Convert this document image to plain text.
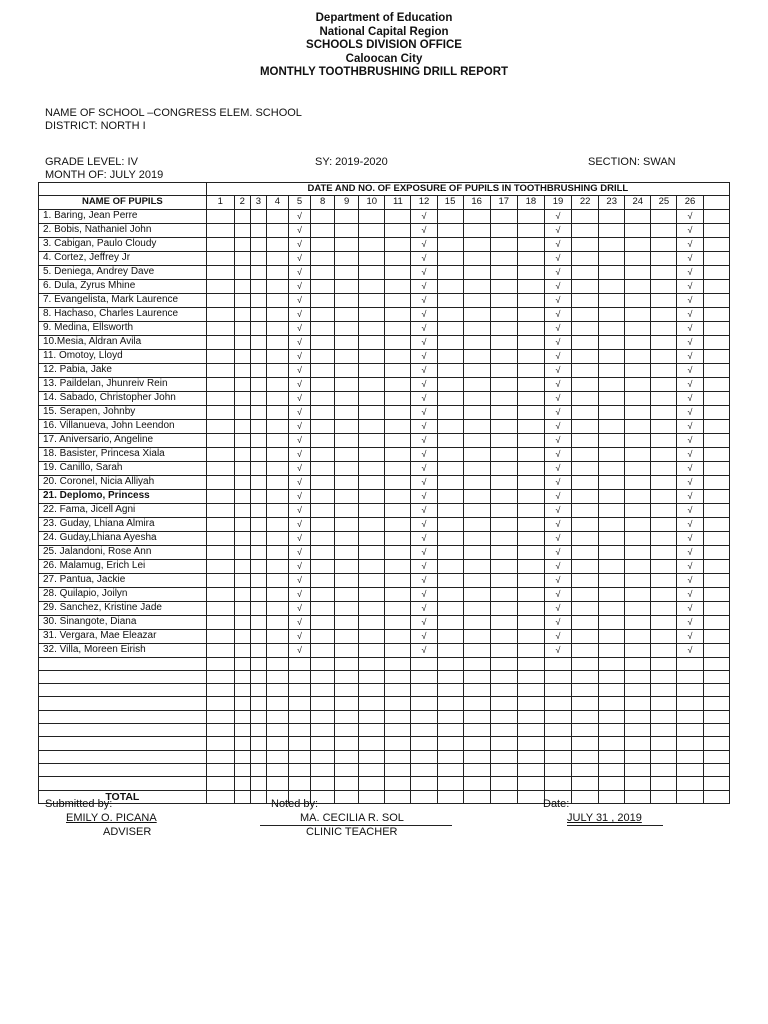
Department of Education
National Capital Region
SCHOOLS DIVISION OFFICE
Caloocan City
MONTHLY TOOTHBRUSHING DRILL REPORT
NAME OF SCHOOL –CONGRESS ELEM. SCHOOL
DISTRICT: NORTH I
GRADE LEVEL: IV	SY: 2019-2020	SECTION: SWAN
MONTH OF: JULY 2019
	DATE AND NO. OF EXPOSURE OF PUPILS IN TOOTHBRUSHING DRILL																				
NAME OF PUPILS	1	2	3	4	5	8	9	10	11	12	15	16	17	18	19	22	23	24	25	26	
1. Baring, Jean Perre					√					√					√					√	
2. Bobis, Nathaniel John					√					√					√					√	
3. Cabigan, Paulo Cloudy					√					√					√					√	
4. Cortez, Jeffrey Jr					√					√					√					√	
5. Deniega, Andrey Dave					√					√					√					√	
6. Dula, Zyrus Mhine					√					√					√					√	
7. Evangelista, Mark Laurence					√					√					√					√	
8. Hachaso, Charles Laurence					√					√					√					√	
9. Medina, Ellsworth					√					√					√					√	
10.Mesia, Aldran Avila					√					√					√					√	
11. Omotoy, Lloyd					√					√					√					√	
12. Pabia, Jake					√					√					√					√	
13. Paildelan, Jhunreiv Rein					√					√					√					√	
14. Sabado, Christopher John					√					√					√					√	
15. Serapen, Johnby					√					√					√					√	
16. Villanueva, John Leendon					√					√					√					√	
17. Aniversario, Angeline					√					√					√					√	
18. Basister, Princesa Xiala					√					√					√					√	
19. Canillo, Sarah					√					√					√					√	
20. Coronel, Nicia Alliyah					√					√					√					√	
21. Deplomo, Princess					√					√					√					√	
22. Fama, Jicell Agni					√					√					√					√	
23. Guday, Lhiana Almira					√					√					√					√	
24. Guday,Lhiana Ayesha					√					√					√					√	
25. Jalandoni, Rose Ann					√					√					√					√	
26. Malamug, Erich Lei					√					√					√					√	
27. Pantua, Jackie					√					√					√					√	
28. Quilapio, Joilyn					√					√					√					√	
29. Sanchez, Kristine Jade					√					√					√					√	
30. Sinangote, Diana					√					√					√					√	
31. Vergara, Mae Eleazar					√					√					√					√	
32. Villa, Moreen Eirish					√					√					√					√	

TOTAL																					
Submitted by:
EMILY O. PICANA
ADVISER
Noted by:
MA. CECILIA R. SOL
CLINIC TEACHER
Date:
JULY 31 , 2019
